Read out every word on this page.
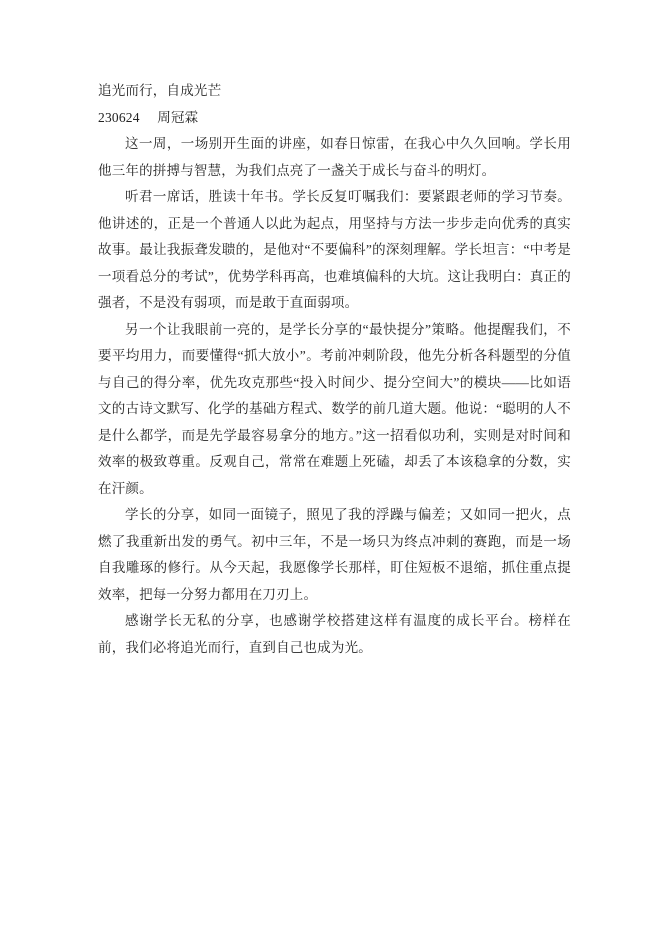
追光而行，自成光芒
230624 周冠霖

这一周，一场别开生面的讲座，如春日惊雷，在我心中久久回响。学长用他三年的拼搏与智慧，为我们点亮了一盏关于成长与奋斗的明灯。

听君一席话，胜读十年书。学长反复叮嘱我们：要紧跟老师的学习节奏。他讲述的，正是一个普通人以此为起点，用坚持与方法一步步走向优秀的真实故事。最让我振聋发聩的，是他对“不要偏科”的深刻理解。学长坦言：“中考是一项看总分的考试”，优势学科再高，也难填偏科的大坑。这让我明白：真正的强者，不是没有弱项，而是敢于直面弱项。

另一个让我眼前一亮的，是学长分享的“最快提分”策略。他提醒我们，不要平均用力，而要懂得“抓大放小”。考前冲刺阶段，他先分析各科题型的分值与自己的得分率，优先攻克那些“投入时间少、提分空间大”的模块——比如语文的古诗文默写、化学的基础方程式、数学的前几道大题。他说：“聪明的人不是什么都学，而是先学最容易拿分的地方。”这一招看似功利，实则是对时间和效率的极致尊重。反观自己，常常在难题上死磕，却丢了本该稳拿的分数，实在汗颜。

学长的分享，如同一面镜子，照见了我的浮躁与偏差；又如同一把火，点燃了我重新出发的勇气。初中三年，不是一场只为终点冲刺的赛跑，而是一场自我雕琢的修行。从今天起，我愿像学长那样，盯住短板不退缩，抓住重点提效率，把每一分努力都用在刀刃上。

感谢学长无私的分享，也感谢学校搭建这样有温度的成长平台。榜样在前，我们必将追光而行，直到自己也成为光。
